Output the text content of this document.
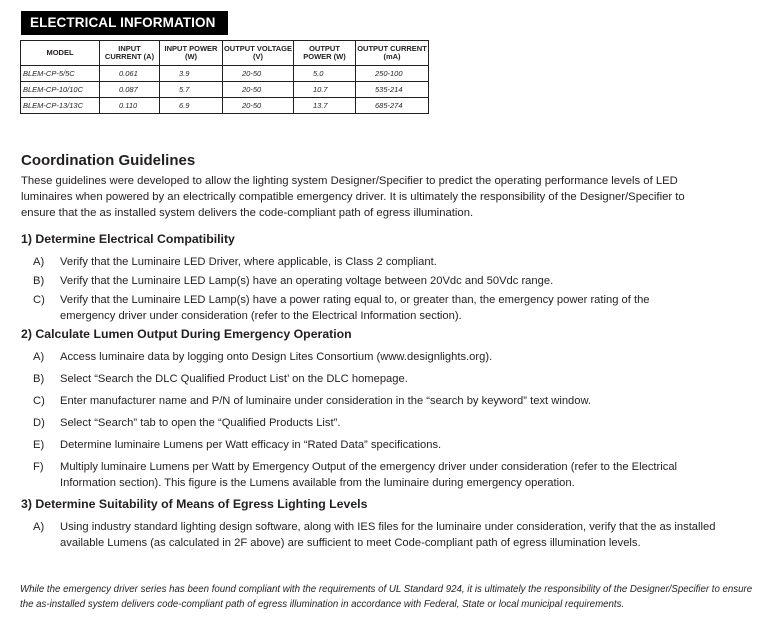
ELECTRICAL INFORMATION
MODEL	INPUT CURRENT (A)	INPUT POWER (W)	OUTPUT VOLTAGE (V)	OUTPUT POWER (W)	OUTPUT CURRENT (mA)
BLEM-CP-5/5C	0.061	3.9	20-50	5.0	250-100
BLEM-CP-10/10C	0.087	5.7	20-50	10.7	535-214
BLEM-CP-13/13C	0.110	6.9	20-50	13.7	685-274
Coordination Guidelines

These guidelines were developed to allow the lighting system Designer/Specifier to predict the operating performance levels of LED luminaires when powered by an electrically compatible emergency driver. It is ultimately the responsibility of the Designer/Specifier to ensure that the as installed system delivers the code-compliant path of egress illumination.

1) Determine Electrical Compatibility
A) Verify that the Luminaire LED Driver, where applicable, is Class 2 compliant.
B) Verify that the Luminaire LED Lamp(s) have an operating voltage between 20Vdc and 50Vdc range.
C) Verify that the Luminaire LED Lamp(s) have a power rating equal to, or greater than, the emergency power rating of the emergency driver under consideration (refer to the Electrical Information section).
2) Calculate Lumen Output During Emergency Operation
A) Access luminaire data by logging onto Design Lites Consortium (www.designlights.org).
B) Select “Search the DLC Qualified Product List’ on the DLC homepage.
C) Enter manufacturer name and P/N of luminaire under consideration in the “search by keyword” text window.
D) Select “Search” tab to open the “Qualified Products List”.
E) Determine luminaire Lumens per Watt efficacy in “Rated Data” specifications.
F) Multiply luminaire Lumens per Watt by Emergency Output of the emergency driver under consideration (refer to the Electrical Information section). This figure is the Lumens available from the luminaire during emergency operation.
3) Determine Suitability of Means of Egress Lighting Levels
A) Using industry standard lighting design software, along with IES files for the luminaire under consideration, verify that the as installed available Lumens (as calculated in 2F above) are sufficient to meet Code-compliant path of egress illumination levels.

While the emergency driver series has been found compliant with the requirements of UL Standard 924, it is ultimately the responsibility of the Designer/Specifier to ensure the as-installed system delivers code-compliant path of egress illumination in accordance with Federal, State or local municipal requirements.
